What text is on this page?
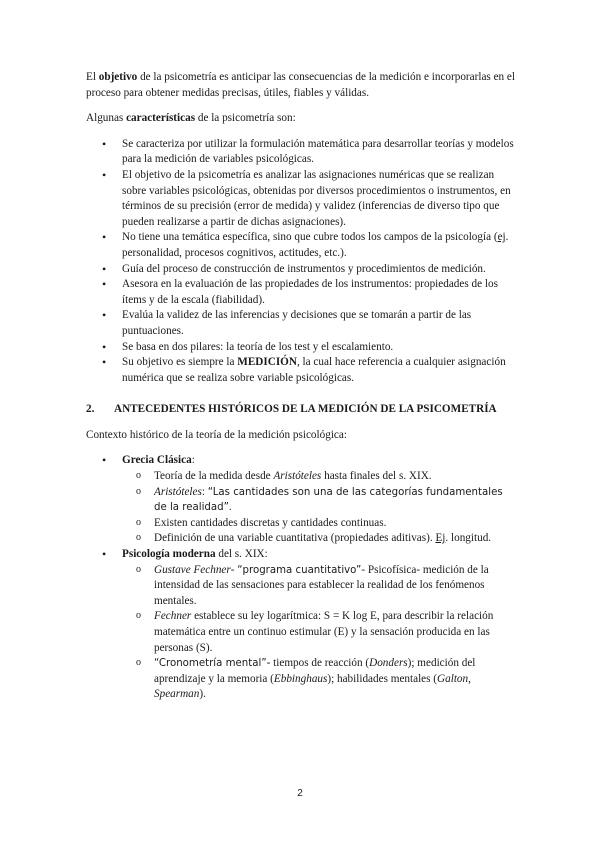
El objetivo de la psicometría es anticipar las consecuencias de la medición e incorporarlas en el proceso para obtener medidas precisas, útiles, fiables y válidas.

Algunas características de la psicometría son:

• Se caracteriza por utilizar la formulación matemática para desarrollar teorías y modelos para la medición de variables psicológicas.
• El objetivo de la psicometría es analizar las asignaciones numéricas que se realizan sobre variables psicológicas, obtenidas por diversos procedimientos o instrumentos, en términos de su precisión (error de medida) y validez (inferencias de diverso tipo que pueden realizarse a partir de dichas asignaciones).
• No tiene una temática específica, sino que cubre todos los campos de la psicología (ej. personalidad, procesos cognitivos, actitudes, etc.).
• Guía del proceso de construcción de instrumentos y procedimientos de medición.
• Asesora en la evaluación de las propiedades de los instrumentos: propiedades de los ítems y de la escala (fiabilidad).
• Evalúa la validez de las inferencias y decisiones que se tomarán a partir de las puntuaciones.
• Se basa en dos pilares: la teoría de los test y el escalamiento.
• Su objetivo es siempre la MEDICIÓN, la cual hace referencia a cualquier asignación numérica que se realiza sobre variable psicológicas.
2. ANTECEDENTES HISTÓRICOS DE LA MEDICIÓN DE LA PSICOMETRÍA

Contexto histórico de la teoría de la medición psicológica:

• Grecia Clásica:
o Teoría de la medida desde Aristóteles hasta finales del s. XIX.
o Aristóteles: “Las cantidades son una de las categorías fundamentales de la realidad”.
o Existen cantidades discretas y cantidades continuas.
o Definición de una variable cuantitativa (propiedades aditivas). Ej. longitud.
• Psicología moderna del s. XIX:
o Gustave Fechner- “programa cuantitativo”- Psicofísica- medición de la intensidad de las sensaciones para establecer la realidad de los fenómenos mentales.
o Fechner establece su ley logarítmica: S = K log E, para describir la relación matemática entre un continuo estimular (E) y la sensación producida en las personas (S).
o “Cronometría mental”- tiempos de reacción (Donders); medición del aprendizaje y la memoria (Ebbinghaus); habilidades mentales (Galton, Spearman).
2
